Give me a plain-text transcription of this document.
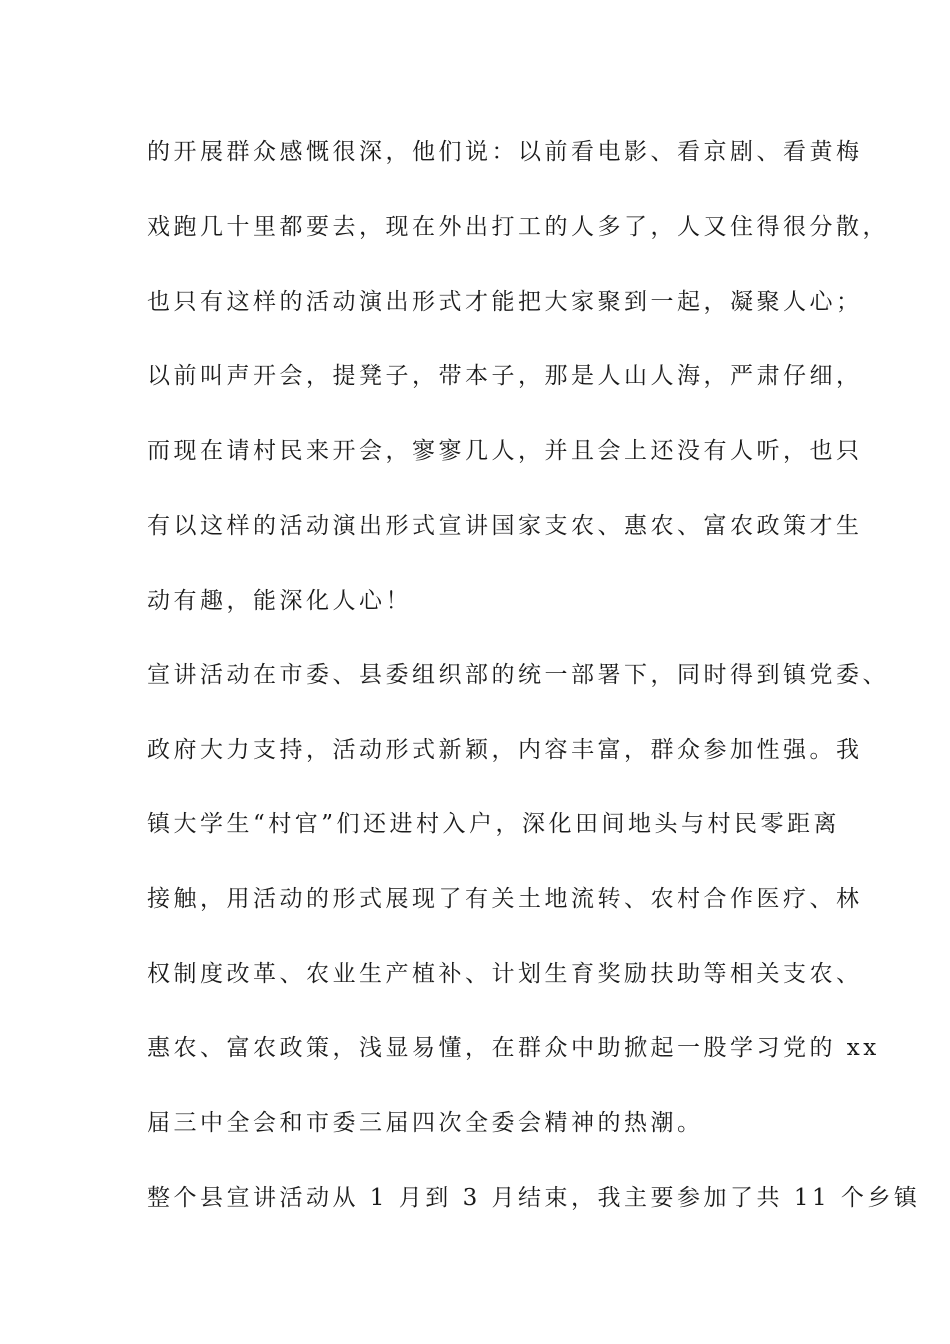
的开展群众感慨很深，他们说：以前看电影、看京剧、看黄梅
戏跑几十里都要去，现在外出打工的人多了，人又住得很分散，
也只有这样的活动演出形式才能把大家聚到一起，凝聚人心；
以前叫声开会，提凳子，带本子，那是人山人海，严肃仔细，
而现在请村民来开会，寥寥几人，并且会上还没有人听，也只
有以这样的活动演出形式宣讲国家支农、惠农、富农政策才生
动有趣，能深化人心！
宣讲活动在市委、县委组织部的统一部署下，同时得到镇党委、
政府大力支持，活动形式新颖，内容丰富，群众参加性强。我
镇大学生“村官”们还进村入户，深化田间地头与村民零距离
接触，用活动的形式展现了有关土地流转、农村合作医疗、林
权制度改革、农业生产植补、计划生育奖励扶助等相关支农、
惠农、富农政策，浅显易懂，在群众中助掀起一股学习党的 xx
届三中全会和市委三届四次全委会精神的热潮。
整个县宣讲活动从 1 月到 3 月结束，我主要参加了共 11 个乡镇
